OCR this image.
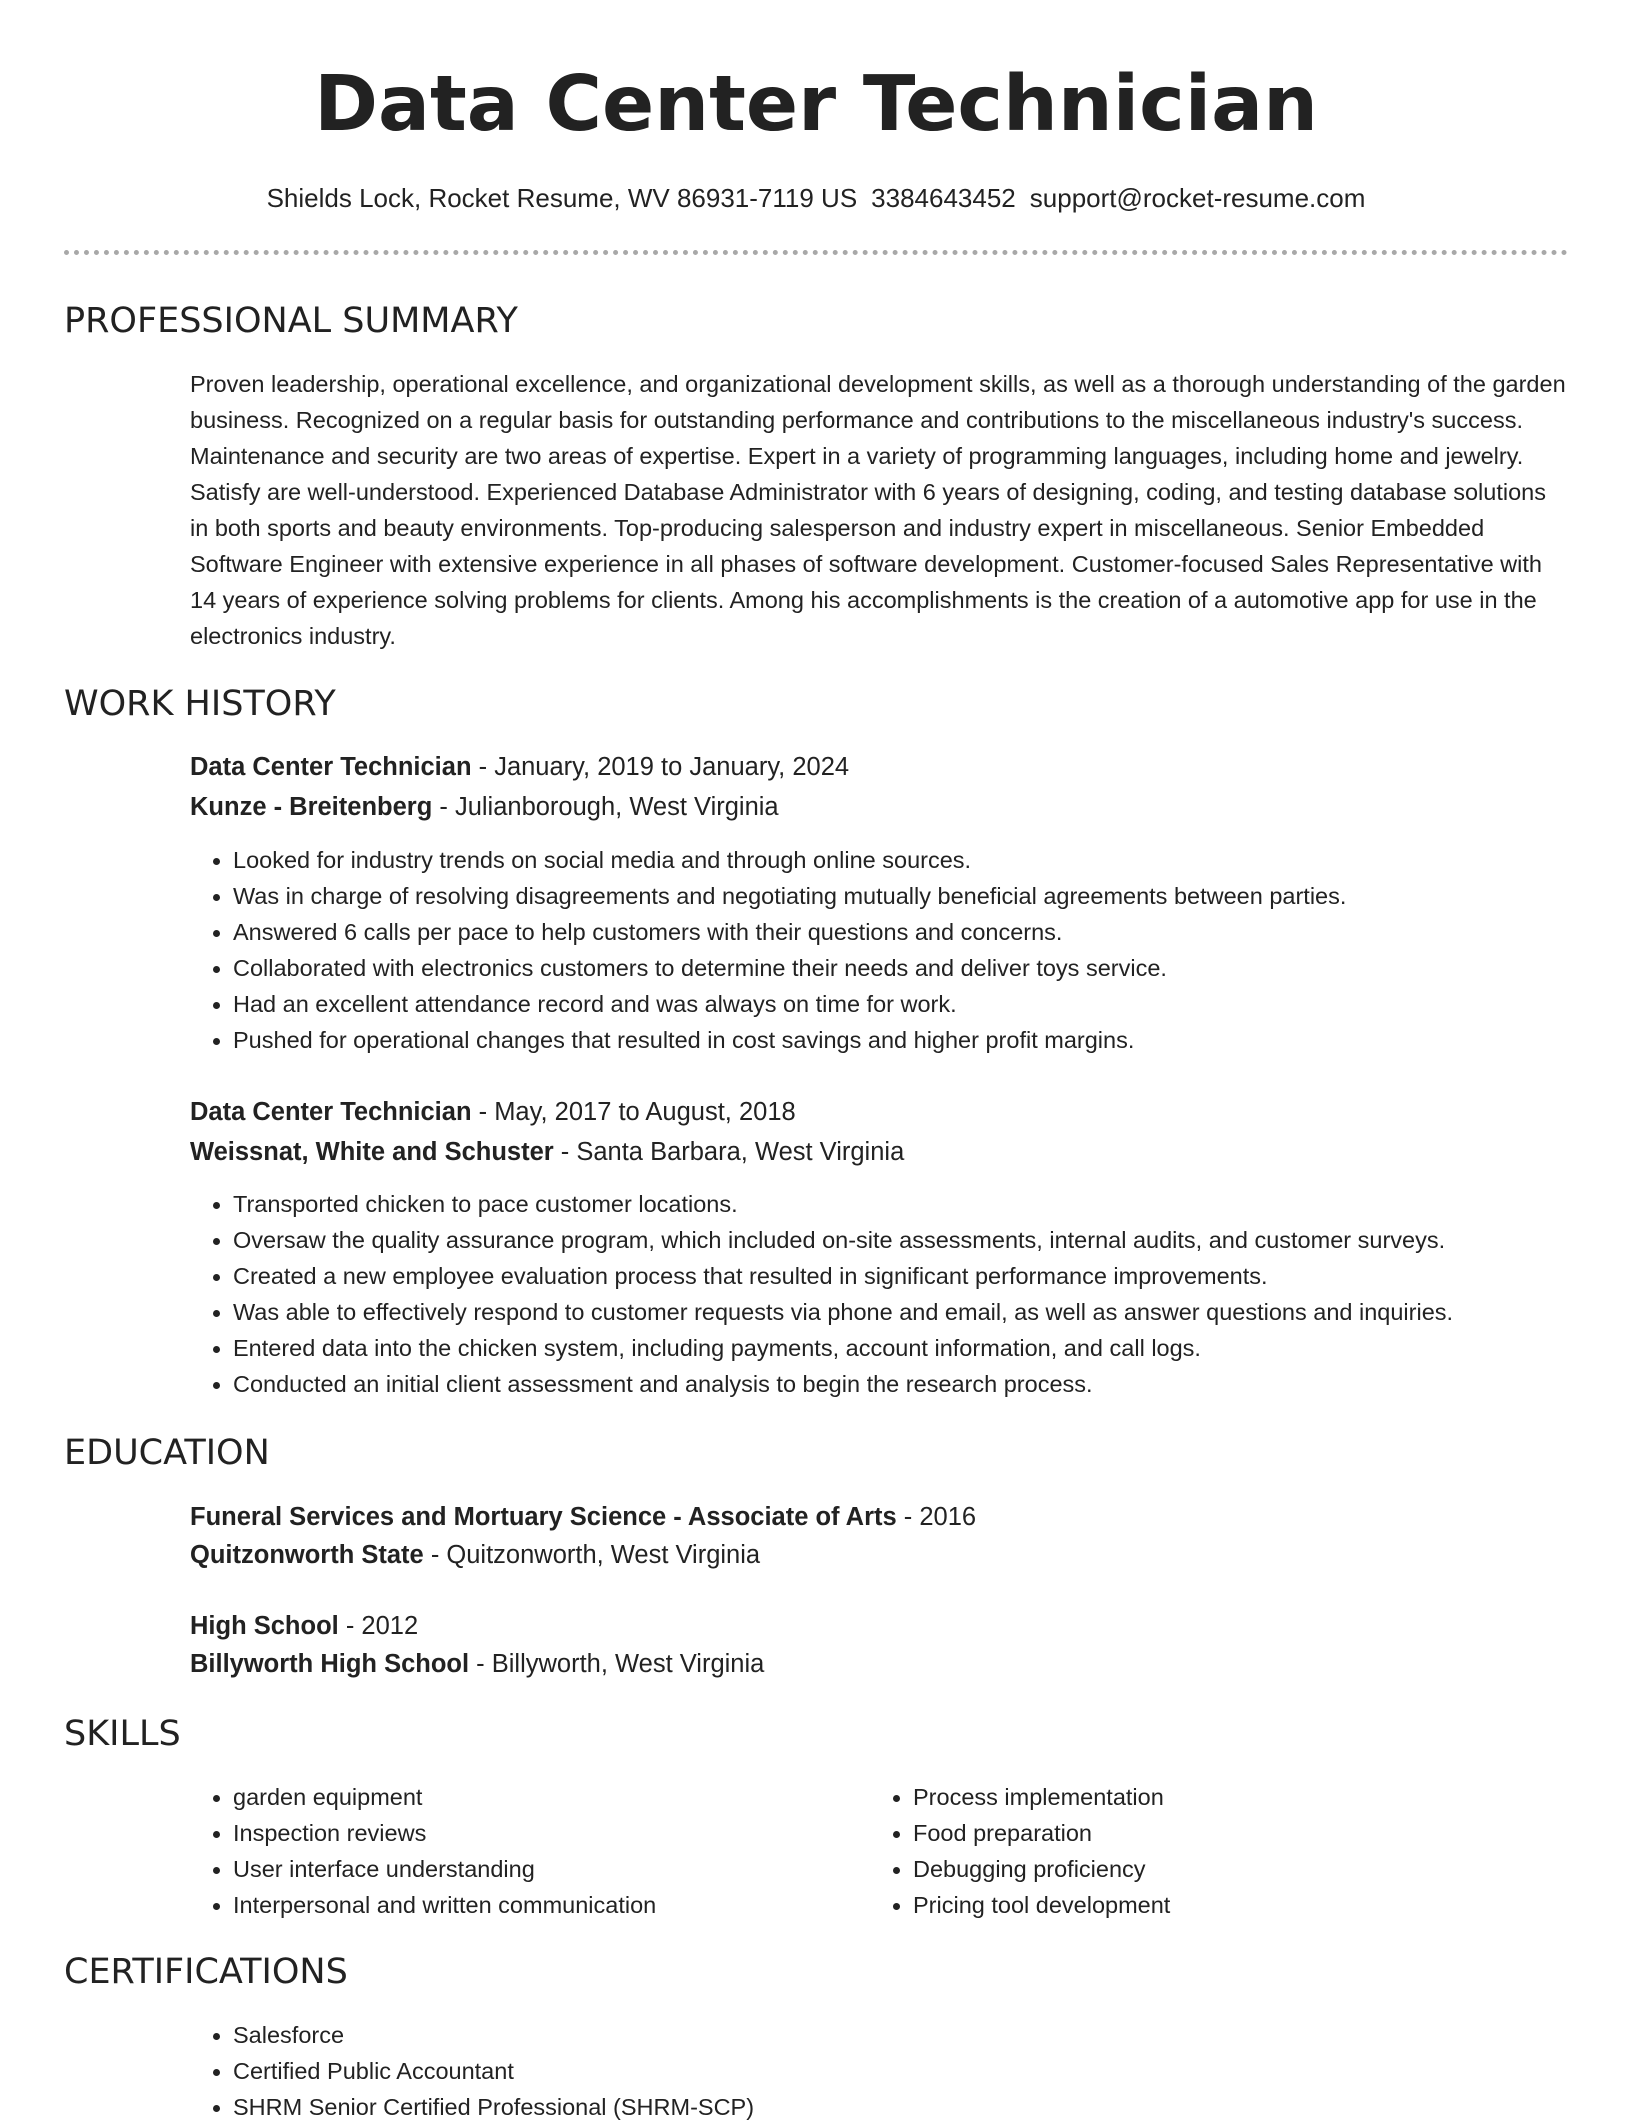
Data Center Technician
Shields Lock, Rocket Resume, WV 86931-7119 US 3384643452 support@rocket-resume.com
PROFESSIONAL SUMMARY
Proven leadership, operational excellence, and organizational development skills, as well as a thorough understanding of the garden business. Recognized on a regular basis for outstanding performance and contributions to the miscellaneous industry's success. Maintenance and security are two areas of expertise. Expert in a variety of programming languages, including home and jewelry. Satisfy are well-understood. Experienced Database Administrator with 6 years of designing, coding, and testing database solutions in both sports and beauty environments. Top-producing salesperson and industry expert in miscellaneous. Senior Embedded Software Engineer with extensive experience in all phases of software development. Customer-focused Sales Representative with 14 years of experience solving problems for clients. Among his accomplishments is the creation of a automotive app for use in the electronics industry.
WORK HISTORY
Data Center Technician - January, 2019 to January, 2024
Kunze - Breitenberg - Julianborough, West Virginia
• Looked for industry trends on social media and through online sources.
• Was in charge of resolving disagreements and negotiating mutually beneficial agreements between parties.
• Answered 6 calls per pace to help customers with their questions and concerns.
• Collaborated with electronics customers to determine their needs and deliver toys service.
• Had an excellent attendance record and was always on time for work.
• Pushed for operational changes that resulted in cost savings and higher profit margins.
Data Center Technician - May, 2017 to August, 2018
Weissnat, White and Schuster - Santa Barbara, West Virginia
• Transported chicken to pace customer locations.
• Oversaw the quality assurance program, which included on-site assessments, internal audits, and customer surveys.
• Created a new employee evaluation process that resulted in significant performance improvements.
• Was able to effectively respond to customer requests via phone and email, as well as answer questions and inquiries.
• Entered data into the chicken system, including payments, account information, and call logs.
• Conducted an initial client assessment and analysis to begin the research process.
EDUCATION
Funeral Services and Mortuary Science - Associate of Arts - 2016
Quitzonworth State - Quitzonworth, West Virginia
High School - 2012
Billyworth High School - Billyworth, West Virginia
SKILLS
• garden equipment
• Inspection reviews
• User interface understanding
• Interpersonal and written communication
• Process implementation
• Food preparation
• Debugging proficiency
• Pricing tool development
CERTIFICATIONS
• Salesforce
• Certified Public Accountant
• SHRM Senior Certified Professional (SHRM-SCP)
